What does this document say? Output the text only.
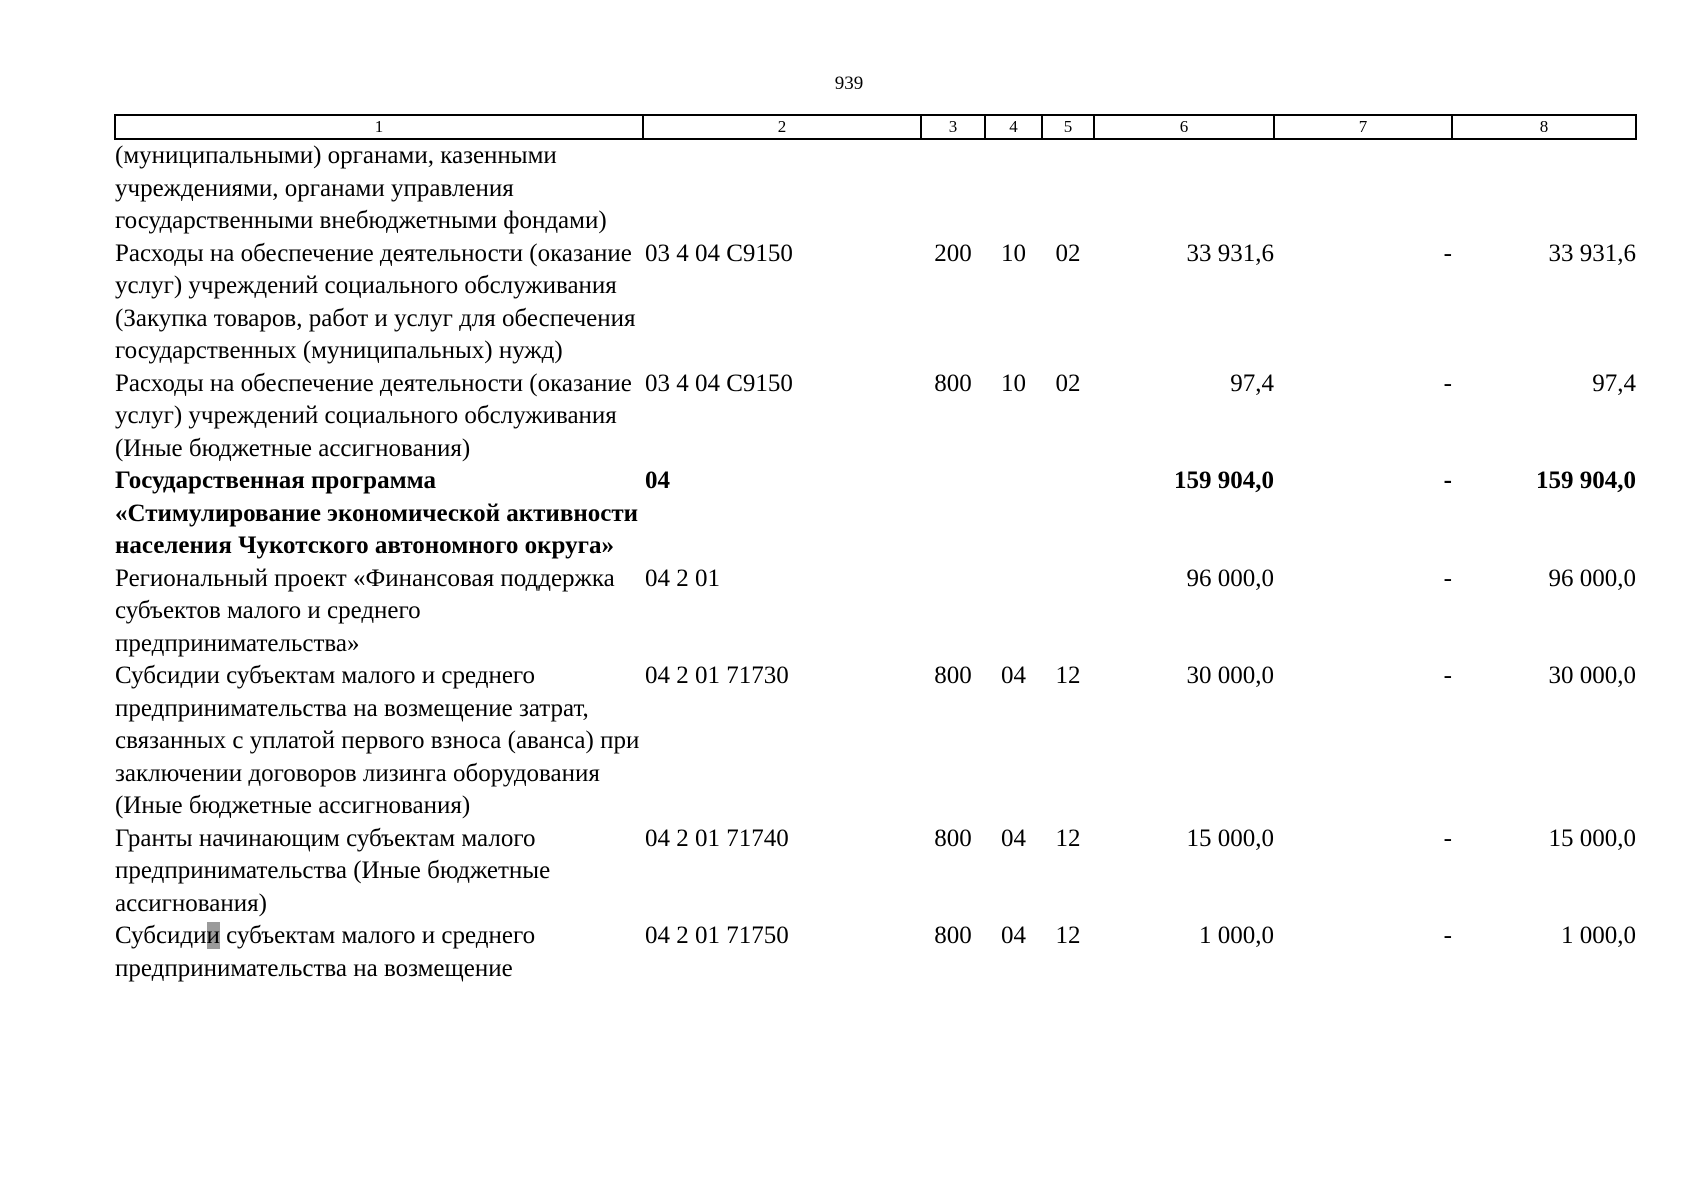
939
1	2	3	4	5	6	7	8
(муниципальными) органами, казенными учреждениями, органами управления государственными внебюджетными фондами)							
Расходы на обеспечение деятельности (оказание услуг) учреждений социального обслуживания (Закупка товаров, работ и услуг для обеспечения государственных (муниципальных) нужд)	03 4 04 С9150	200	10	02	33 931,6	-	33 931,6
Расходы на обеспечение деятельности (оказание услуг) учреждений социального обслуживания (Иные бюджетные ассигнования)	03 4 04 С9150	800	10	02	97,4	-	97,4
Государственная программа «Стимулирование экономической активности населения Чукотского автономного округа»	04				159 904,0	-	159 904,0
Региональный проект «Финансовая поддержка субъектов малого и среднего предпринимательства»	04 2 01				96 000,0	-	96 000,0
Субсидии субъектам малого и среднего предпринимательства на возмещение затрат, связанных с уплатой первого взноса (аванса) при заключении договоров лизинга оборудования (Иные бюджетные ассигнования)	04 2 01 71730	800	04	12	30 000,0	-	30 000,0
Гранты начинающим субъектам малого предпринимательства (Иные бюджетные ассигнования)	04 2 01 71740	800	04	12	15 000,0	-	15 000,0
Субсидии субъектам малого и среднего предпринимательства на возмещение	04 2 01 71750	800	04	12	1 000,0	-	1 000,0
